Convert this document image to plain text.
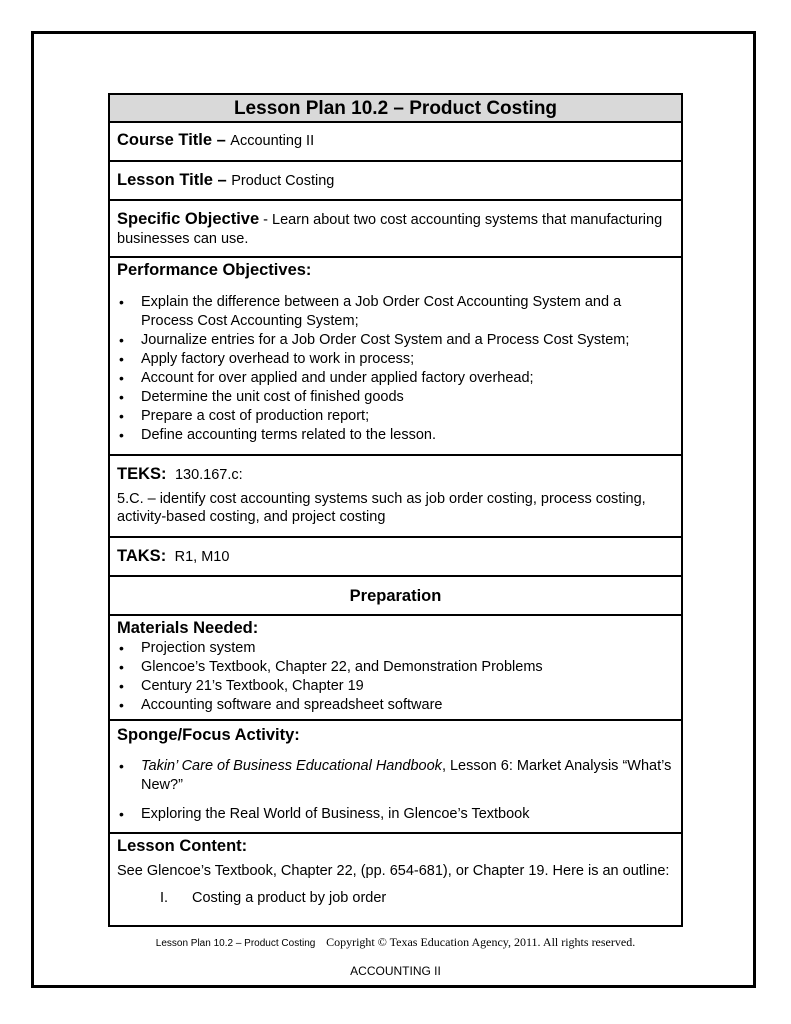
Lesson Plan 10.2 – Product Costing
Course Title – Accounting II
Lesson Title – Product Costing
Specific Objective - Learn about two cost accounting systems that manufacturing businesses can use.
Performance Objectives:
• Explain the difference between a Job Order Cost Accounting System and a Process Cost Accounting System;
• Journalize entries for a Job Order Cost System and a Process Cost System;
• Apply factory overhead to work in process;
• Account for over applied and under applied factory overhead;
• Determine the unit cost of finished goods
• Prepare a cost of production report;
• Define accounting terms related to the lesson.
TEKS: 130.167.c:
5.C. – identify cost accounting systems such as job order costing, process costing, activity-based costing, and project costing
TAKS: R1, M10
Preparation
Materials Needed:
• Projection system
• Glencoe’s Textbook, Chapter 22, and Demonstration Problems
• Century 21’s Textbook, Chapter 19
• Accounting software and spreadsheet software
Sponge/Focus Activity:
• Takin’ Care of Business Educational Handbook, Lesson 6: Market Analysis “What’s New?”
• Exploring the Real World of Business, in Glencoe’s Textbook
Lesson Content:
See Glencoe’s Textbook, Chapter 22, (pp. 654-681), or Chapter 19. Here is an outline:
I. Costing a product by job order
Lesson Plan 10.2 – Product Costing Copyright © Texas Education Agency, 2011. All rights reserved.
ACCOUNTING II
